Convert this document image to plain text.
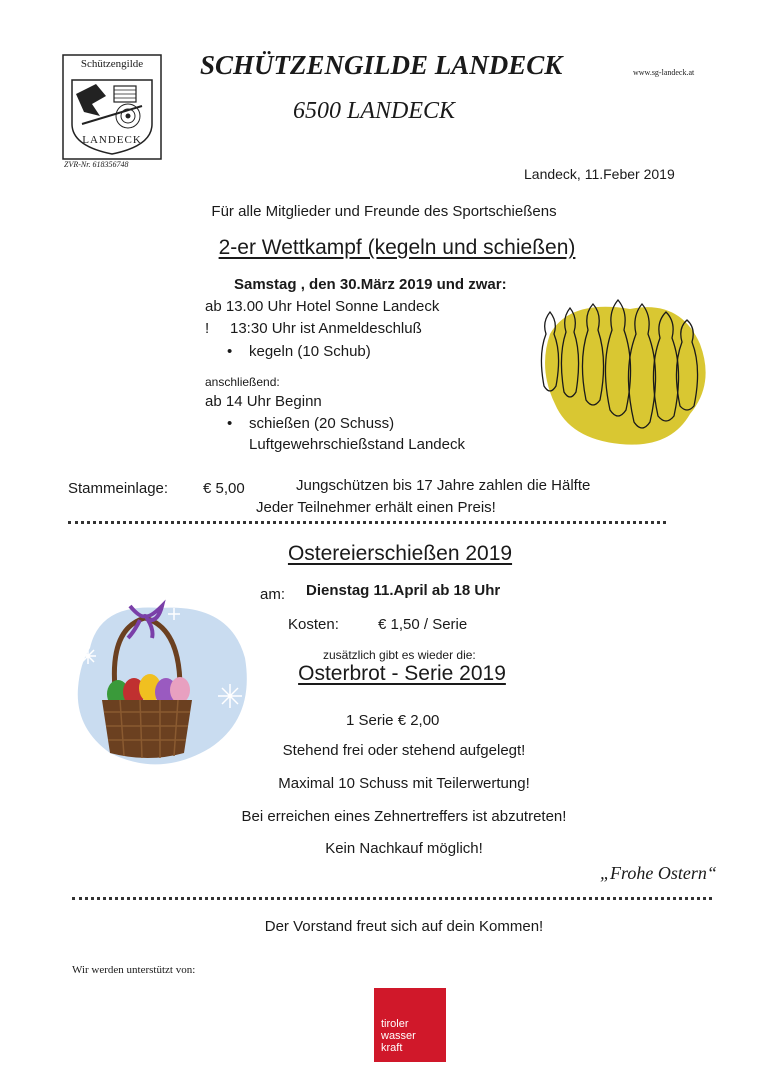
Schützengilde
LANDECK
ZVR-Nr. 618356748
SCHÜTZENGILDE LANDECK	www.sg-landeck.at
6500 LANDECK
Landeck, 11.Feber 2019
Für alle Mitglieder und Freunde des Sportschießens
2-er Wettkampf (kegeln und schießen)
Samstag , den 30.März 2019 und zwar:
ab 13.00 Uhr Hotel Sonne Landeck
! 13:30 Uhr ist Anmeldeschluß
• kegeln (10 Schub)
anschließend:
ab 14 Uhr Beginn
• schießen (20 Schuss)
Luftgewehrschießstand Landeck
Stammeinlage: € 5,00	Jungschützen bis 17 Jahre zahlen die Hälfte
Jeder Teilnehmer erhält einen Preis!
Ostereierschießen 2019
am: Dienstag 11.April ab 18 Uhr
Kosten:	€ 1,50 / Serie
zusätzlich gibt es wieder die:
Osterbrot - Serie 2019
1 Serie € 2,00
Stehend frei oder stehend aufgelegt!
Maximal 10 Schuss mit Teilerwertung!
Bei erreichen eines Zehnertreffers ist abzutreten!
Kein Nachkauf möglich!
„Frohe Ostern“
Der Vorstand freut sich auf dein Kommen!
Wir werden unterstützt von:
tiroler
wasser
kraft
